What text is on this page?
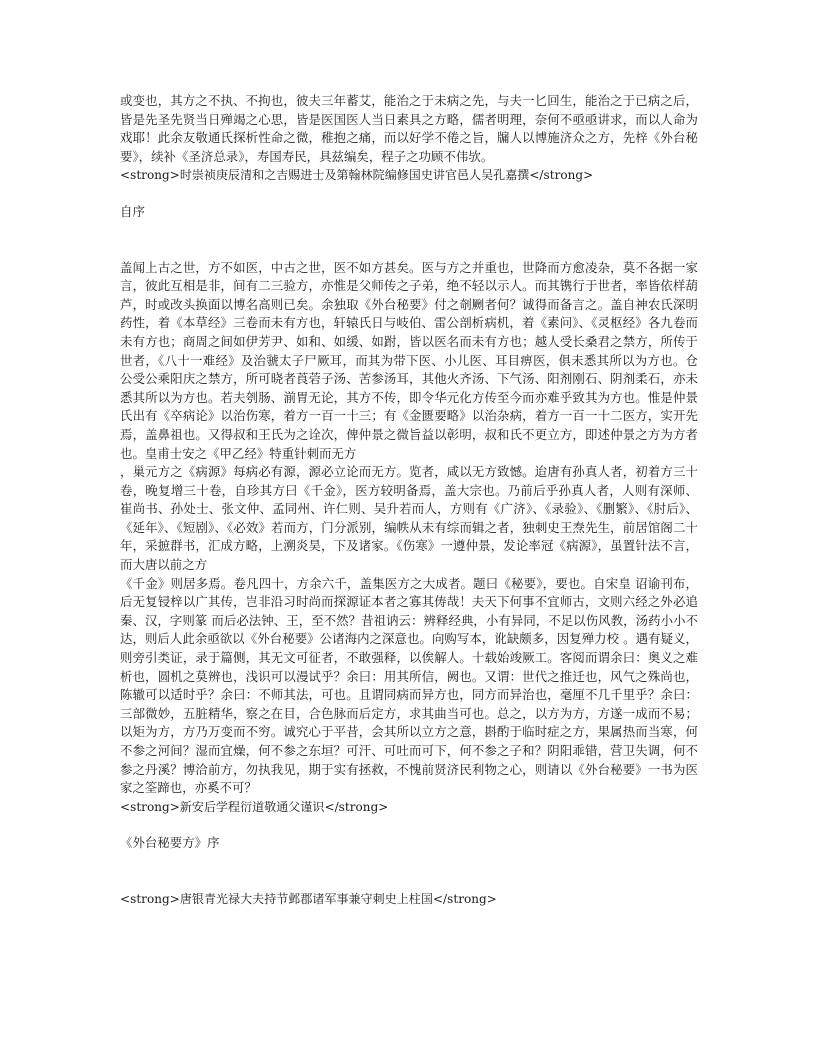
或变也，其方之不执、不拘也，彼夫三年蓄艾，能治之于未病之先，与夫一匕回生，能治之于已病之后，皆是先圣先贤当日殚竭之心思，皆是医国医人当日素具之方略，儒者明理，奈何不亟亟讲求，而以人命为戏耶！此余友敬通氏探析性命之微，稚抱之痛，而以好学不倦之旨，牖人以博施济众之方，先梓《外台秘要》，续补《圣济总录》，寿国寿民，具兹编矣，程子之功顾不伟欤。

<strong>时崇祯庚辰清和之吉赐进士及第翰林院编修国史讲官邑人吴孔嘉撰</strong>
自序

盖闻上古之世，方不如医，中古之世，医不如方甚矣。医与方之并重也，世降而方愈凌杂，莫不各据一家言，彼此互相是非，间有二三验方，亦惟是父师传之子弟，绝不轻以示人。而其镌行于世者，率皆依样葫芦，时或改头换面以博名高则已矣。余独取《外台秘要》付之剞劂者何？诚得而备言之。盖自神农氏深明药性，着《本草经》三卷而未有方也，轩辕氏日与岐伯、雷公剖析病机，着《素问》、《灵枢经》各九卷而未有方也；商周之间如伊芳尹、如和、如缓、如跗，皆以医名而未有方也；越人受长桑君之禁方，所传于世者，《八十一难经》及治虢太子尸厥耳，而其为带下医、小儿医、耳目痹医，俱未悉其所以为方也。仓公受公乘阳庆之禁方，所可晓者莨菪子汤、苦参汤耳，其他火齐汤、下气汤、阳剂刚石、阴剂柔石，亦未悉其所以为方也。若夫刳肠、湔胃无论，其方不传，即令华元化方传至今而亦难乎致其为方也。惟是仲景氏出有《卒病论》以治伤寒，着方一百一十三；有《金匮要略》以治杂病，着方一百一十二医方，实开先焉，盖鼻祖也。又得叔和王氏为之诠次，俾仲景之微旨益以彰明，叔和氏不更立方，即述仲景之方为方者也。皇甫士安之《甲乙经》特重针刺而无方
，巢元方之《病源》每病必有源，源必立论而无方。览者，咸以无方致憾。迨唐有孙真人者，初着方三十卷，晚复增三十卷，自珍其方曰《千金》，医方较明备焉，盖大宗也。乃前后乎孙真人者，人则有深师、崔尚书、孙处士、张文仲、孟同州、许仁则、吴升若而人，方则有《广济》、《录验》、《删繁》、《肘后》、《延年》、《短剧》、《必效》若而方，门分派别，编帙从未有综而辑之者，独刺史王焘先生，前居馆阁二十年，采摭群书，汇成方略，上溯炎昊，下及诸家。《伤寒》一遵仲景，发论率冠《病源》，虽置针法不言，而大唐以前之方
《千金》则居多焉。卷凡四十，方余六千，盖集医方之大成者。题曰《秘要》，要也。自宋皇 诏谕刊布，后无复锓梓以广其传，岂非沿习时尚而探源证本者之寡其俦哉！夫天下何事不宜师古，文则六经之外必追秦、汉，字则篆 而后必法钟、王，至不然？昔祖讷云：辨释经典，小有异同，不足以伤风教，汤药小小不达，则后人此余亟欲以《外台秘要》公诸海内之深意也。向购写本，讹缺颇多，因复殚力校 。遇有疑义，则旁引类证，录于篇侧，其无文可征者，不敢强释，以俟解人。十载始竣厥工。客阅而谓余曰：奥义之难析也，圆机之莫辨也，浅识可以漫试乎？余曰：用其所信，阙也。又谓：世代之推迁也，风气之殊尚也，陈辙可以适时乎？余曰：不师其法，可也。且谓同病而异方也，同方而异治也，毫厘不几千里乎？余曰：三部微妙，五脏精华，察之在目，合色脉而后定方，求其曲当可也。总之，以方为方，方遂一成而不易；以矩为方，方乃万变而不穷。诚究心于平昔，会其所以立方之意，斟酌于临时症之方，果属热而当寒，何不参之河间？湿而宜燥，何不参之东垣？可汗、可吐而可下，何不参之子和？阴阳乖错，营卫失调，何不参之丹溪？博洽前方，勿执我见，期于实有拯救，不愧前贤济民利物之心，则请以《外台秘要》一书为医家之筌蹄也，亦奚不可？

<strong>新安后学程衍道敬通父谨识</strong>
《外台秘要方》序
<strong>唐银青光禄大夫持节邺郡诸军事兼守刺史上柱国</strong>
